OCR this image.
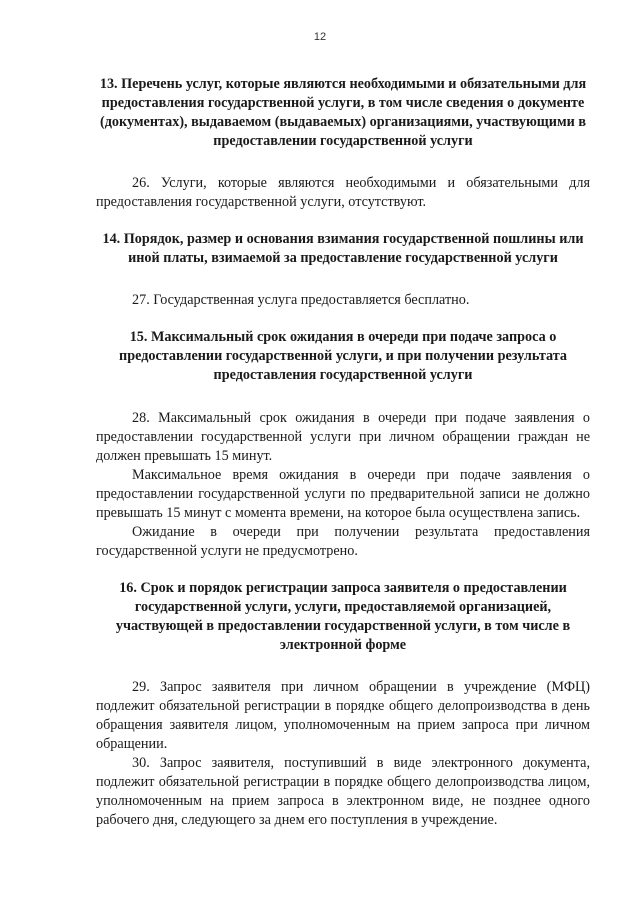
12
13. Перечень услуг, которые являются необходимыми и обязательными для предоставления государственной услуги, в том числе сведения о документе (документах), выдаваемом (выдаваемых) организациями, участвующими в предоставлении государственной услуги
26. Услуги, которые являются необходимыми и обязательными для предоставления государственной услуги, отсутствуют.
14. Порядок, размер и основания взимания государственной пошлины или иной платы, взимаемой за предоставление государственной услуги
27. Государственная услуга предоставляется бесплатно.
15. Максимальный срок ожидания в очереди при подаче запроса о предоставлении государственной услуги, и при получении результата предоставления государственной услуги
28. Максимальный срок ожидания в очереди при подаче заявления о предоставлении государственной услуги при личном обращении граждан не должен превышать 15 минут.
Максимальное время ожидания в очереди при подаче заявления о предоставлении государственной услуги по предварительной записи не должно превышать 15 минут с момента времени, на которое была осуществлена запись.
Ожидание в очереди при получении результата предоставления государственной услуги не предусмотрено.
16. Срок и порядок регистрации запроса заявителя о предоставлении государственной услуги, услуги, предоставляемой организацией, участвующей в предоставлении государственной услуги, в том числе в электронной форме
29. Запрос заявителя при личном обращении в учреждение (МФЦ) подлежит обязательной регистрации в порядке общего делопроизводства в день обращения заявителя лицом, уполномоченным на прием запроса при личном обращении.
30. Запрос заявителя, поступивший в виде электронного документа, подлежит обязательной регистрации в порядке общего делопроизводства лицом, уполномоченным на прием запроса в электронном виде, не позднее одного рабочего дня, следующего за днем его поступления в учреждение.
